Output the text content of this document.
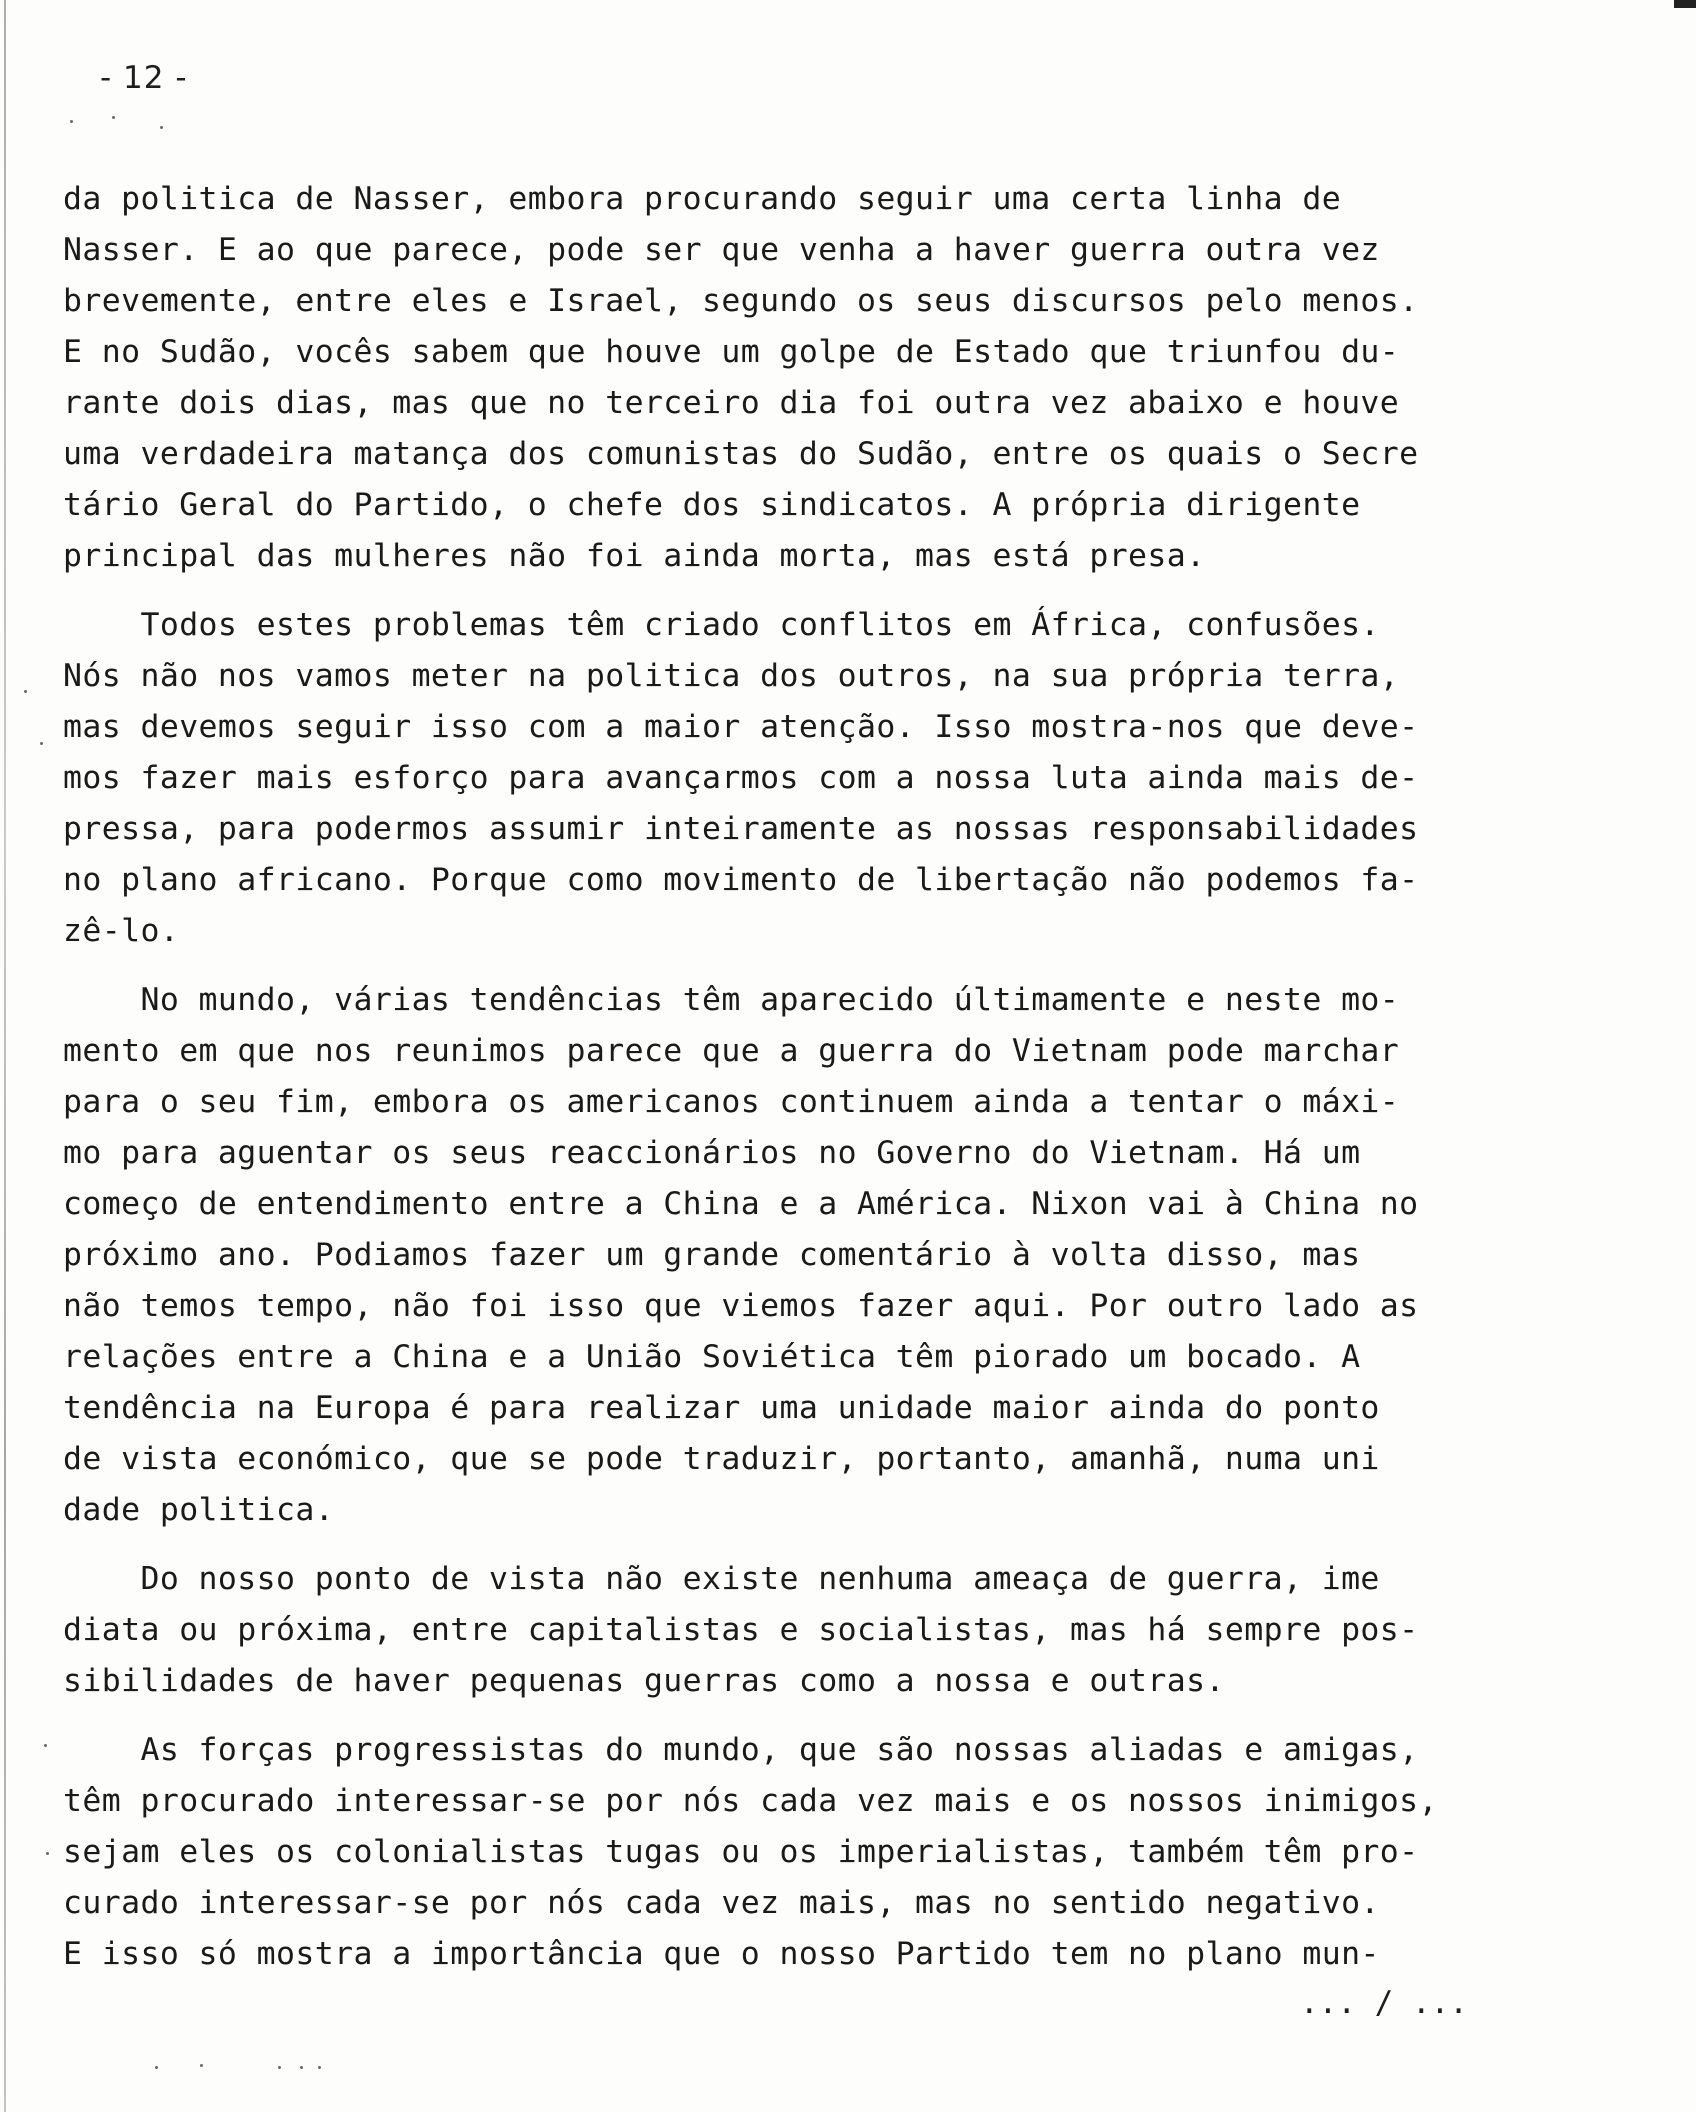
- 12 -
da politica de Nasser, embora procurando seguir uma certa linha de
Nasser. E ao que parece, pode ser que venha a haver guerra outra vez
brevemente, entre eles e Israel, segundo os seus discursos pelo menos.
E no Sudão, vocês sabem que houve um golpe de Estado que triunfou du-
rante dois dias, mas que no terceiro dia foi outra vez abaixo e houve
uma verdadeira matança dos comunistas do Sudão, entre os quais o Secre
tário Geral do Partido, o chefe dos sindicatos. A própria dirigente
principal das mulheres não foi ainda morta, mas está presa.
Todos estes problemas têm criado conflitos em África, confusões.
Nós não nos vamos meter na politica dos outros, na sua própria terra,
mas devemos seguir isso com a maior atenção. Isso mostra-nos que deve-
mos fazer mais esforço para avançarmos com a nossa luta ainda mais de-
pressa, para podermos assumir inteiramente as nossas responsabilidades
no plano africano. Porque como movimento de libertação não podemos fa-
zê-lo.
No mundo, várias tendências têm aparecido últimamente e neste mo-
mento em que nos reunimos parece que a guerra do Vietnam pode marchar
para o seu fim, embora os americanos continuem ainda a tentar o máxi-
mo para aguentar os seus reaccionários no Governo do Vietnam. Há um
começo de entendimento entre a China e a América. Nixon vai à China no
próximo ano. Podiamos fazer um grande comentário à volta disso, mas
não temos tempo, não foi isso que viemos fazer aqui. Por outro lado as
relações entre a China e a União Soviética têm piorado um bocado. A
tendência na Europa é para realizar uma unidade maior ainda do ponto
de vista económico, que se pode traduzir, portanto, amanhã, numa uni
dade politica.
Do nosso ponto de vista não existe nenhuma ameaça de guerra, ime
diata ou próxima, entre capitalistas e socialistas, mas há sempre pos-
sibilidades de haver pequenas guerras como a nossa e outras.
As forças progressistas do mundo, que são nossas aliadas e amigas,
têm procurado interessar-se por nós cada vez mais e os nossos inimigos,
sejam eles os colonialistas tugas ou os imperialistas, também têm pro-
curado interessar-se por nós cada vez mais, mas no sentido negativo.
E isso só mostra a importância que o nosso Partido tem no plano mun-
... / ...
